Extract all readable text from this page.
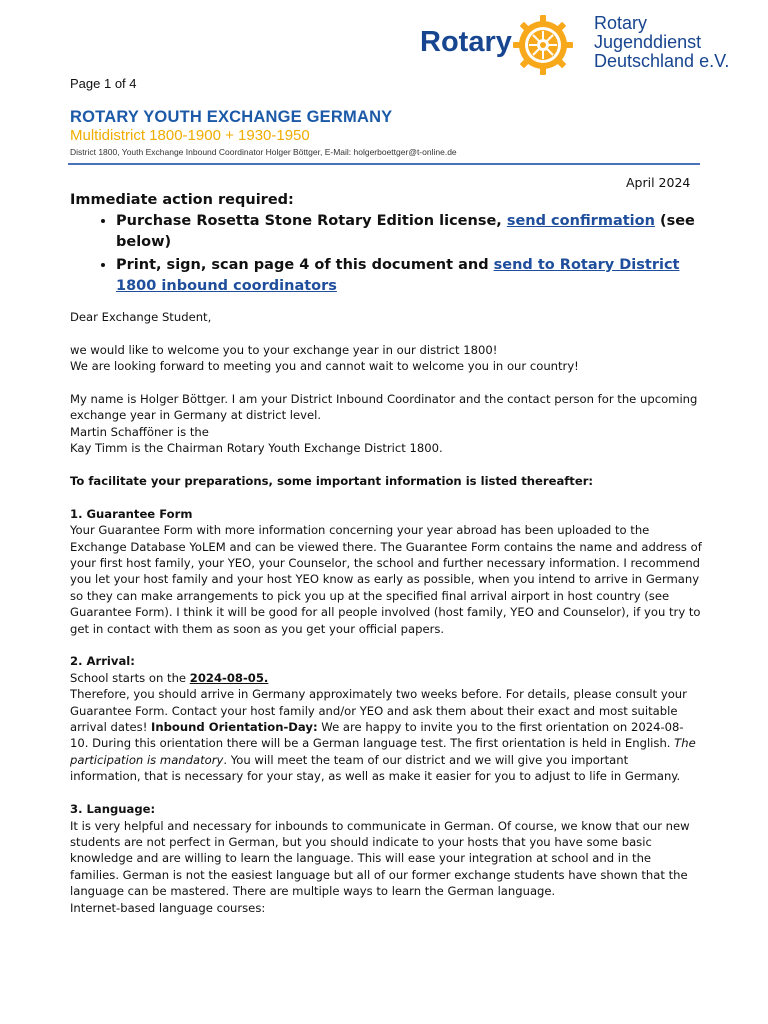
Rotary
Rotary
Jugenddienst
Deutschland e.V.
Page 1 of 4
ROTARY YOUTH EXCHANGE GERMANY
Multidistrict 1800-1900 + 1930-1950
District 1800, Youth Exchange Inbound Coordinator Holger Böttger, E-Mail: holgerboettger@t-online.de
April 2024
Immediate action required:
• Purchase Rosetta Stone Rotary Edition license, send confirmation (see below)
• Print, sign, scan page 4 of this document and send to Rotary District 1800 inbound coordinators

Dear Exchange Student,

we would like to welcome you to your exchange year in our district 1800!
We are looking forward to meeting you and cannot wait to welcome you in our country!

My name is Holger Böttger. I am your District Inbound Coordinator and the contact person for the upcoming exchange year in Germany at district level.
Martin Schafföner is the
Kay Timm is the Chairman Rotary Youth Exchange District 1800.

To facilitate your preparations, some important information is listed thereafter:

1. Guarantee Form
Your Guarantee Form with more information concerning your year abroad has been uploaded to the Exchange Database YoLEM and can be viewed there. The Guarantee Form contains the name and address of your first host family, your YEO, your Counselor, the school and further necessary information. I recommend you let your host family and your host YEO know as early as possible, when you intend to arrive in Germany so they can make arrangements to pick you up at the specified final arrival airport in host country (see Guarantee Form). I think it will be good for all people involved (host family, YEO and Counselor), if you try to get in contact with them as soon as you get your official papers.

2. Arrival:
School starts on the 2024-08-05.
Therefore, you should arrive in Germany approximately two weeks before. For details, please consult your Guarantee Form. Contact your host family and/or YEO and ask them about their exact and most suitable arrival dates! Inbound Orientation-Day: We are happy to invite you to the first orientation on 2024-08-10. During this orientation there will be a German language test. The first orientation is held in English. The participation is mandatory. You will meet the team of our district and we will give you important information, that is necessary for your stay, as well as make it easier for you to adjust to life in Germany.

3. Language:
It is very helpful and necessary for inbounds to communicate in German. Of course, we know that our new students are not perfect in German, but you should indicate to your hosts that you have some basic knowledge and are willing to learn the language. This will ease your integration at school and in the families. German is not the easiest language but all of our former exchange students have shown that the language can be mastered. There are multiple ways to learn the German language.
Internet-based language courses:
